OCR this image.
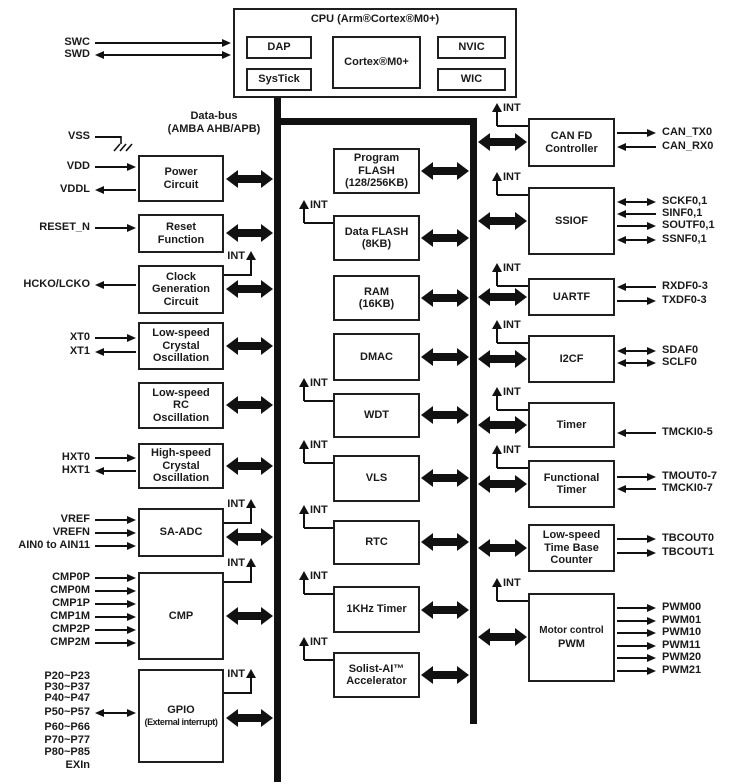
CPU (Arm®Cortex®M0+)
DAP
SysTick
Cortex®M0+
NVIC
WIC
Data-bus
(AMBA AHB/APB)
SWC
SWD
VSS
Power
Circuit
VDD
VDDL
Reset
Function
RESET_N
Clock
Generation
Circuit
INT
HCKO/LCKO
Low-speed
Crystal
Oscillation
XT0
XT1
Low-speed
RC
Oscillation
High-speed
Crystal
Oscillation
HXT0
HXT1
SA-ADC
INT
VREF
VREFN
AIN0 to AIN11
CMP
INT
CMP0P
CMP0M
CMP1P
CMP1M
CMP2P
CMP2M
GPIO
(External interrupt)
INT
P20~P23
P30~P37
P40~P47
P50~P57
P60~P66
P70~P77
P80~P85
EXIn
Program
FLASH
(128/256KB)
Data FLASH
(8KB)
INT
RAM
(16KB)
DMAC
WDT
INT
VLS
INT
RTC
INT
1KHz Timer
INT
Solist-AI™
Accelerator
INT
CAN FD
Controller
INT
CAN_TX0
CAN_RX0
SSIOF
INT
SCKF0,1
SINF0,1
SOUTF0,1
SSNF0,1
UARTF
INT
RXDF0-3
TXDF0-3
I2CF
INT
SDAF0
SCLF0
Timer
INT
TMCKI0-5
Functional
Timer
INT
TMOUT0-7
TMCKI0-7
Low-speed
Time Base
Counter
TBCOUT0
TBCOUT1
Motor control
PWM
INT
PWM00
PWM01
PWM10
PWM11
PWM20
PWM21
